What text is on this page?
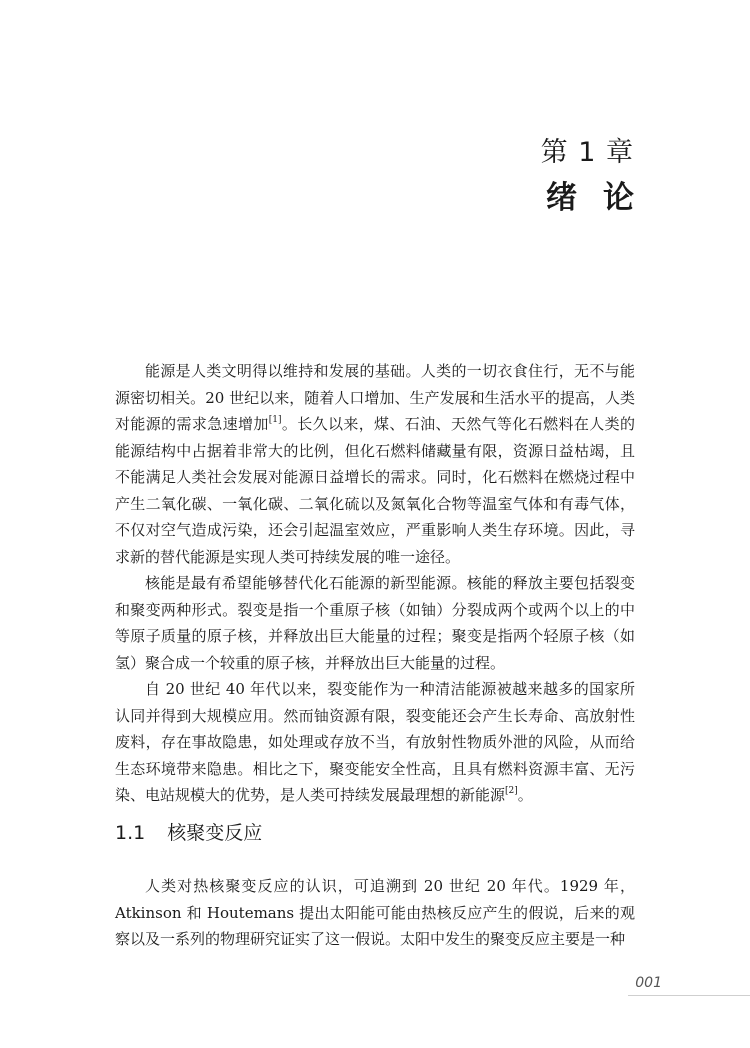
第 1 章
绪论

能源是人类文明得以维持和发展的基础。人类的一切衣食住行，无不与能源密切相关。20 世纪以来，随着人口增加、生产发展和生活水平的提高，人类对能源的需求急速增加[1]。长久以来，煤、石油、天然气等化石燃料在人类的能源结构中占据着非常大的比例，但化石燃料储藏量有限，资源日益枯竭，且不能满足人类社会发展对能源日益增长的需求。同时，化石燃料在燃烧过程中产生二氧化碳、一氧化碳、二氧化硫以及氮氧化合物等温室气体和有毒气体，不仅对空气造成污染，还会引起温室效应，严重影响人类生存环境。因此，寻求新的替代能源是实现人类可持续发展的唯一途径。

核能是最有希望能够替代化石能源的新型能源。核能的释放主要包括裂变和聚变两种形式。裂变是指一个重原子核（如铀）分裂成两个或两个以上的中等原子质量的原子核，并释放出巨大能量的过程；聚变是指两个轻原子核（如氢）聚合成一个较重的原子核，并释放出巨大能量的过程。

自 20 世纪 40 年代以来，裂变能作为一种清洁能源被越来越多的国家所认同并得到大规模应用。然而铀资源有限，裂变能还会产生长寿命、高放射性废料，存在事故隐患，如处理或存放不当，有放射性物质外泄的风险，从而给生态环境带来隐患。相比之下，聚变能安全性高，且具有燃料资源丰富、无污染、电站规模大的优势，是人类可持续发展最理想的新能源[2]。

1.1 核聚变反应

人类对热核聚变反应的认识，可追溯到 20 世纪 20 年代。1929 年，Atkinson 和 Houtemans 提出太阳能可能由热核反应产生的假说，后来的观察以及一系列的物理研究证实了这一假说。太阳中发生的聚变反应主要是一种

001
